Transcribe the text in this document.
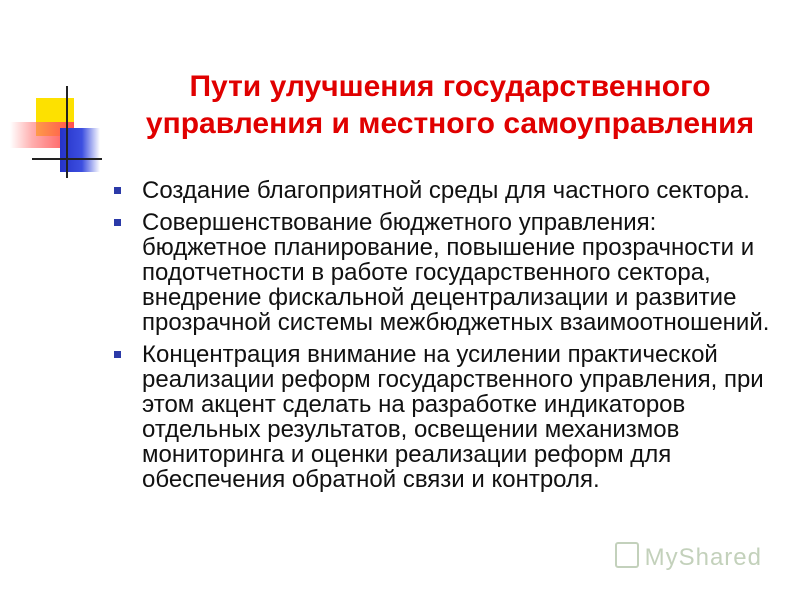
Пути улучшения государственного
управления и местного самоуправления
Создание благоприятной среды для частного сектора.
Совершенствование бюджетного управления: бюджетное планирование, повышение прозрачности и подотчетности в работе государственного сектора, внедрение фискальной децентрализации и развитие прозрачной системы межбюджетных взаимоотношений.
Концентрация внимание на усилении практической реализации реформ государственного управления, при этом акцент сделать на разработке индикаторов отдельных результатов, освещении механизмов мониторинга и оценки реализации реформ для обеспечения обратной связи и контроля.
MyShared
